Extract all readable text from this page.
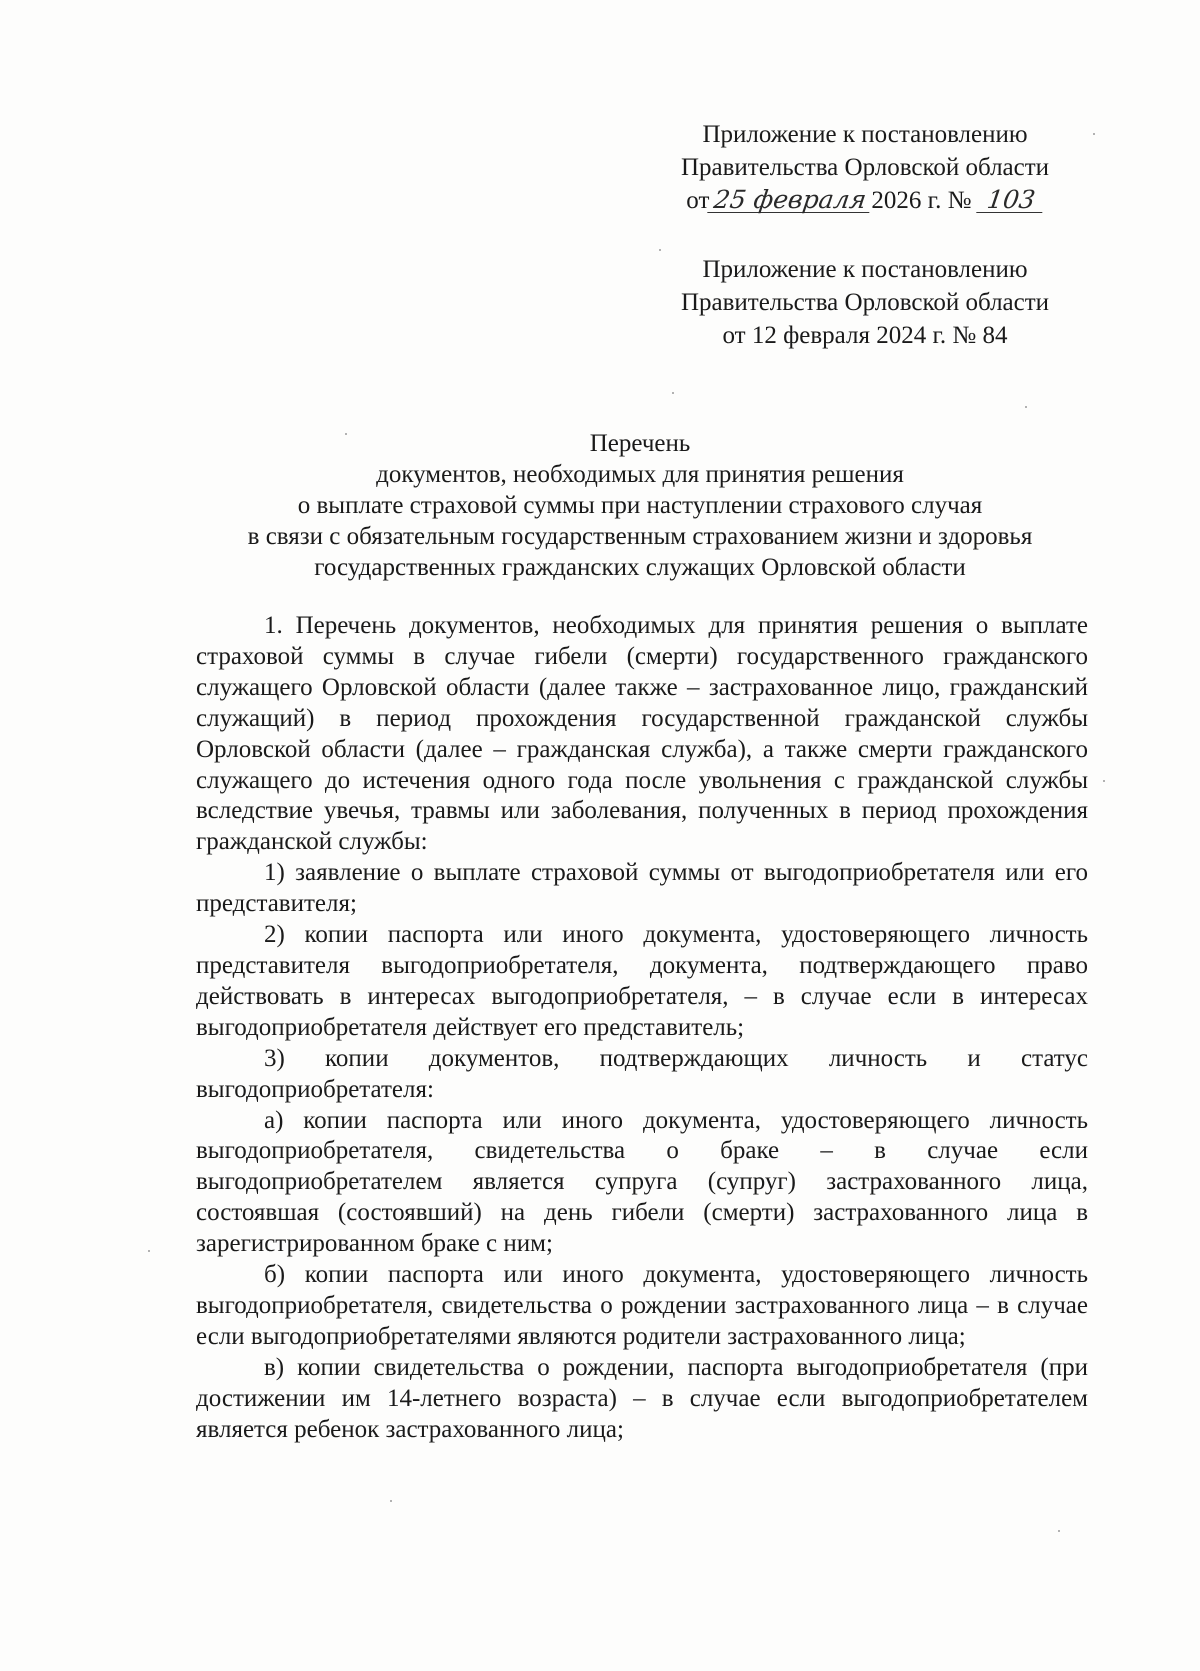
Приложение к постановлению
Правительства Орловской области
от 25 февраля 2026 г. № 103
Приложение к постановлению
Правительства Орловской области
от 12 февраля 2024 г. № 84
Перечень
документов, необходимых для принятия решения
о выплате страховой суммы при наступлении страхового случая
в связи с обязательным государственным страхованием жизни и здоровья
государственных гражданских служащих Орловской области

1. Перечень документов, необходимых для принятия решения о выплате страховой суммы в случае гибели (смерти) государственного гражданского служащего Орловской области (далее также – застрахованное лицо, гражданский служащий) в период прохождения государственной гражданской службы Орловской области (далее – гражданская служба), а также смерти гражданского служащего до истечения одного года после увольнения с гражданской службы вследствие увечья, травмы или заболевания, полученных в период прохождения гражданской службы:

1) заявление о выплате страховой суммы от выгодоприобретателя или его представителя;

2) копии паспорта или иного документа, удостоверяющего личность представителя выгодоприобретателя, документа, подтверждающего право действовать в интересах выгодоприобретателя, – в случае если в интересах выгодоприобретателя действует его представитель;

3) копии документов, подтверждающих личность и статус выгодоприобретателя:

а) копии паспорта или иного документа, удостоверяющего личность выгодоприобретателя, свидетельства о браке – в случае если выгодоприобретателем является супруга (супруг) застрахованного лица, состоявшая (состоявший) на день гибели (смерти) застрахованного лица в зарегистрированном браке с ним;

б) копии паспорта или иного документа, удостоверяющего личность выгодоприобретателя, свидетельства о рождении застрахованного лица – в случае если выгодоприобретателями являются родители застрахованного лица;

в) копии свидетельства о рождении, паспорта выгодоприобретателя (при достижении им 14-летнего возраста) – в случае если выгодоприобретателем является ребенок застрахованного лица;
